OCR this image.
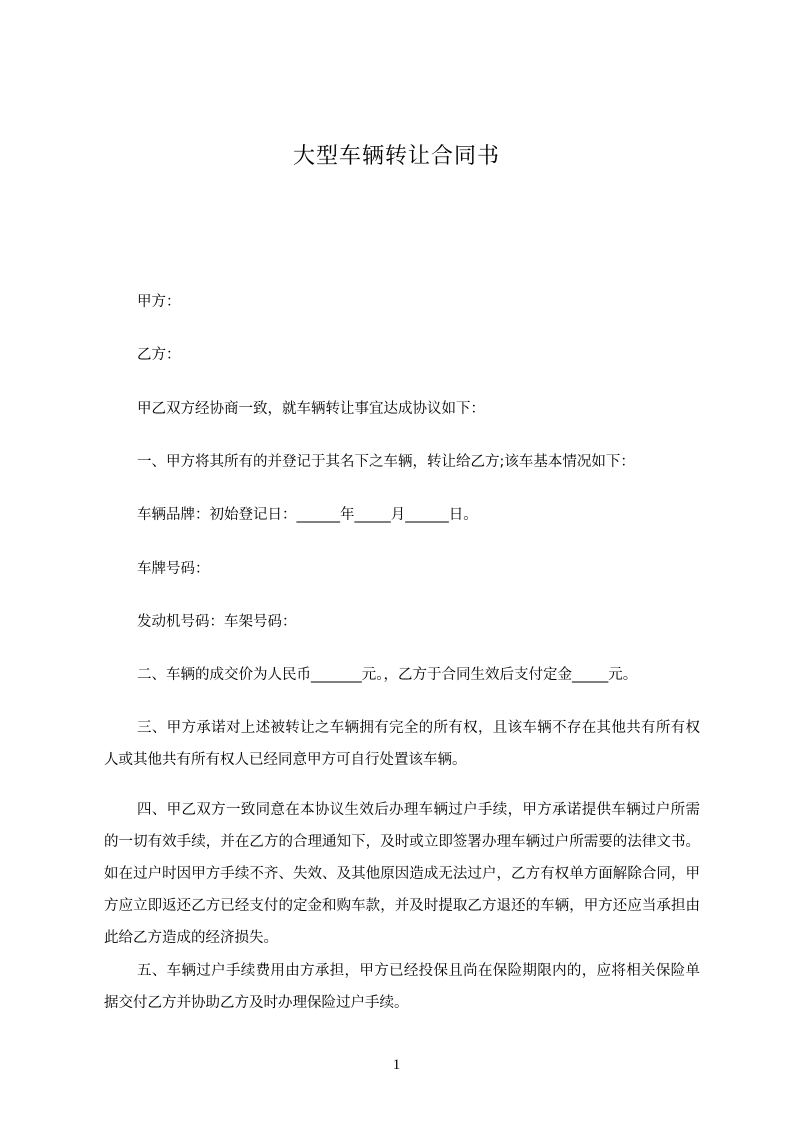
大型车辆转让合同书
甲方：
乙方：
甲乙双方经协商一致，就车辆转让事宜达成协议如下：
一、甲方将其所有的并登记于其名下之车辆，转让给乙方;该车基本情况如下：
车辆品牌：初始登记日：______年_____月______日。
车牌号码：
发动机号码：车架号码：
二、车辆的成交价为人民币_______元。，乙方于合同生效后支付定金_____元。
三、甲方承诺对上述被转让之车辆拥有完全的所有权，且该车辆不存在其他共有所有权人或其他共有所有权人已经同意甲方可自行处置该车辆。
四、甲乙双方一致同意在本协议生效后办理车辆过户手续，甲方承诺提供车辆过户所需的一切有效手续，并在乙方的合理通知下，及时或立即签署办理车辆过户所需要的法律文书。如在过户时因甲方手续不齐、失效、及其他原因造成无法过户，乙方有权单方面解除合同，甲方应立即返还乙方已经支付的定金和购车款，并及时提取乙方退还的车辆，甲方还应当承担由此给乙方造成的经济损失。
五、车辆过户手续费用由方承担，甲方已经投保且尚在保险期限内的，应将相关保险单据交付乙方并协助乙方及时办理保险过户手续。
1
